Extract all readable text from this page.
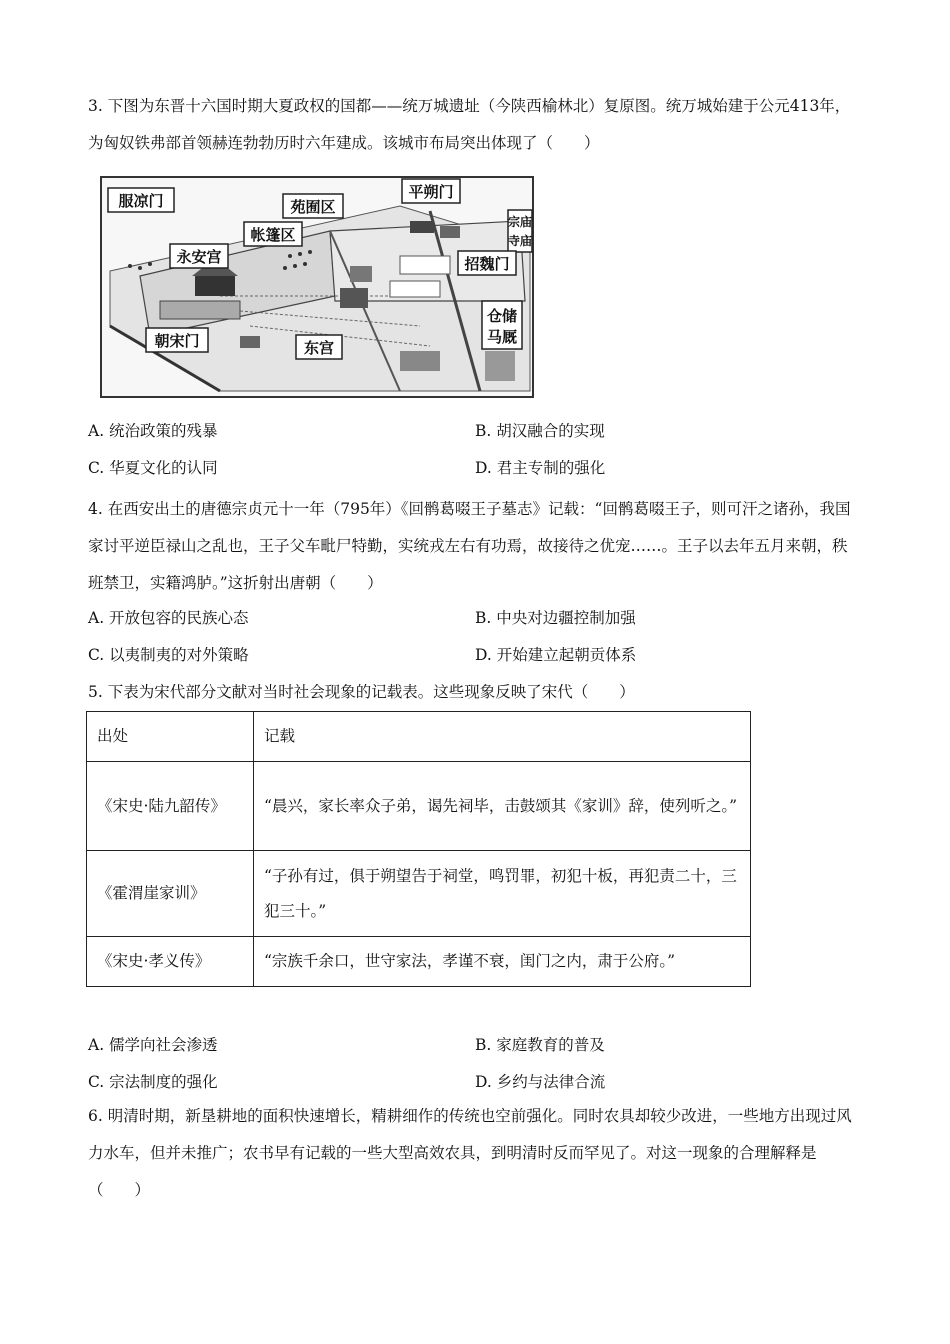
3. 下图为东晋十六国时期大夏政权的国都——统万城遗址（今陕西榆林北）复原图。统万城始建于公元413年，为匈奴铁弗部首领赫连勃勃历时六年建成。该城市布局突出体现了（　　）

服凉门	苑囿区
平朔门
宗庙
寺庙
帐篷区
永安宫	招魏门
仓储
马厩
朝宋门	东宫
A. 统治政策的残暴	B. 胡汉融合的实现
C. 华夏文化的认同	D. 君主专制的强化

4. 在西安出土的唐德宗贞元十一年（795年）《回鹘葛啜王子墓志》记载：“回鹘葛啜王子，则可汗之诸孙，我国家讨平逆臣禄山之乱也，王子父车毗尸特勤，实统戎左右有功焉，故接待之优宠……。王子以去年五月来朝，秩班禁卫，实籍鸿胪。”这折射出唐朝（　　）

A. 开放包容的民族心态	B. 中央对边疆控制加强
C. 以夷制夷的对外策略	D. 开始建立起朝贡体系
5. 下表为宋代部分文献对当时社会现象的记载表。这些现象反映了宋代（　　）
出处	记载
《宋史·陆九韶传》	“晨兴，家长率众子弟，谒先祠毕，击鼓颂其《家训》辞，使列听之。”
《霍渭崖家训》	“子孙有过，俱于朔望告于祠堂，鸣罚罪，初犯十板，再犯责二十，三犯三十。”
《宋史·孝义传》	“宗族千余口，世守家法，孝谨不衰，闺门之内，肃于公府。”
A. 儒学向社会渗透	B. 家庭教育的普及
C. 宗法制度的强化	D. 乡约与法律合流

6. 明清时期，新垦耕地的面积快速增长，精耕细作的传统也空前强化。同时农具却较少改进，一些地方出现过风力水车，但并未推广；农书早有记载的一些大型高效农具，到明清时反而罕见了。对这一现象的合理解释是（　　）
